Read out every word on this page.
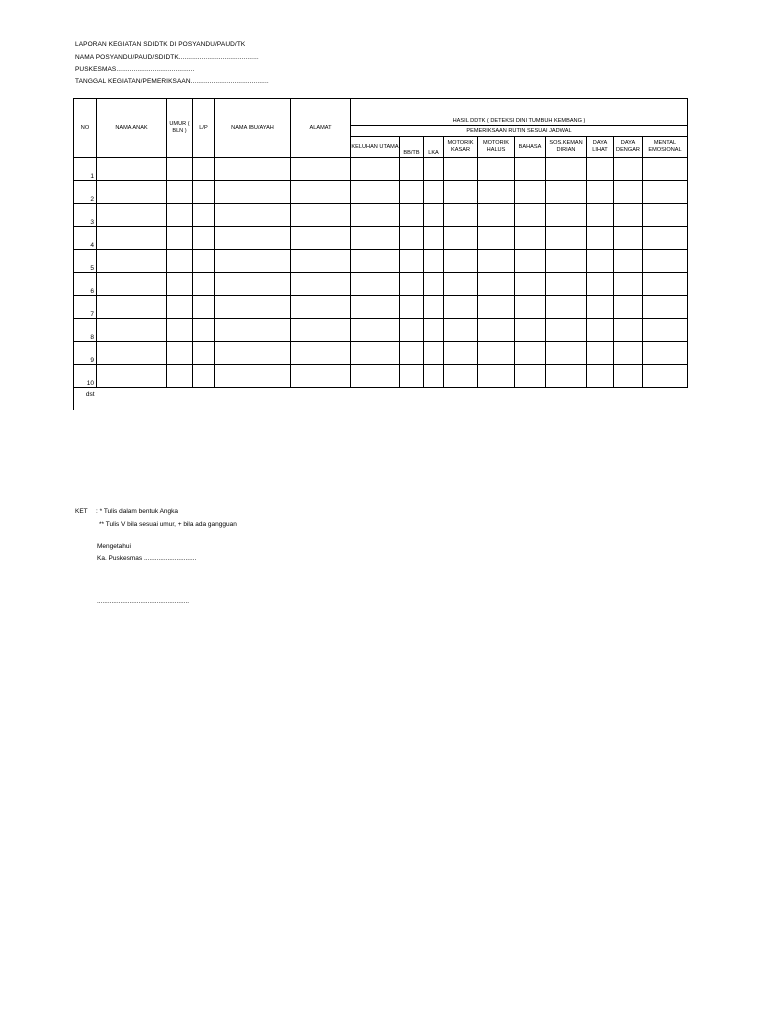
LAPORAN KEGIATAN SDIDTK DI POSYANDU/PAUD/TK
NAMA POSYANDU/PAUD/SDIDTK..........................................
PUSKESMAS.........................................
TANGGAL KEGIATAN/PEMERIKSAAN.........................................
NO	NAMA ANAK	UMUR ( BLN )	L/P	NAMA IBU/AYAH	ALAMAT	HASIL DDTK ( DETEKSI DINI TUMBUH KEMBANG )									
						PEMERIKSAAN RUTIN SESUAI JADWAL									
						KELUHAN UTAMA	BB/TB	LKA	MOTORIK KASAR	MOTORIK HALUS	BAHASA	SOS.KEMAN DIRIAN	DAYA LIHAT	DAYA DENGAR	MENTAL EMOSIONAL
1															
2															
3															
4															
5															
6															
7															
8															
9															
10															
dst															
KET : * Tulis dalam bentuk Angka
** Tulis V bila sesuai umur, + bila ada gangguan
Mengetahui
Ka. Puskesmas .............................
...................................................
